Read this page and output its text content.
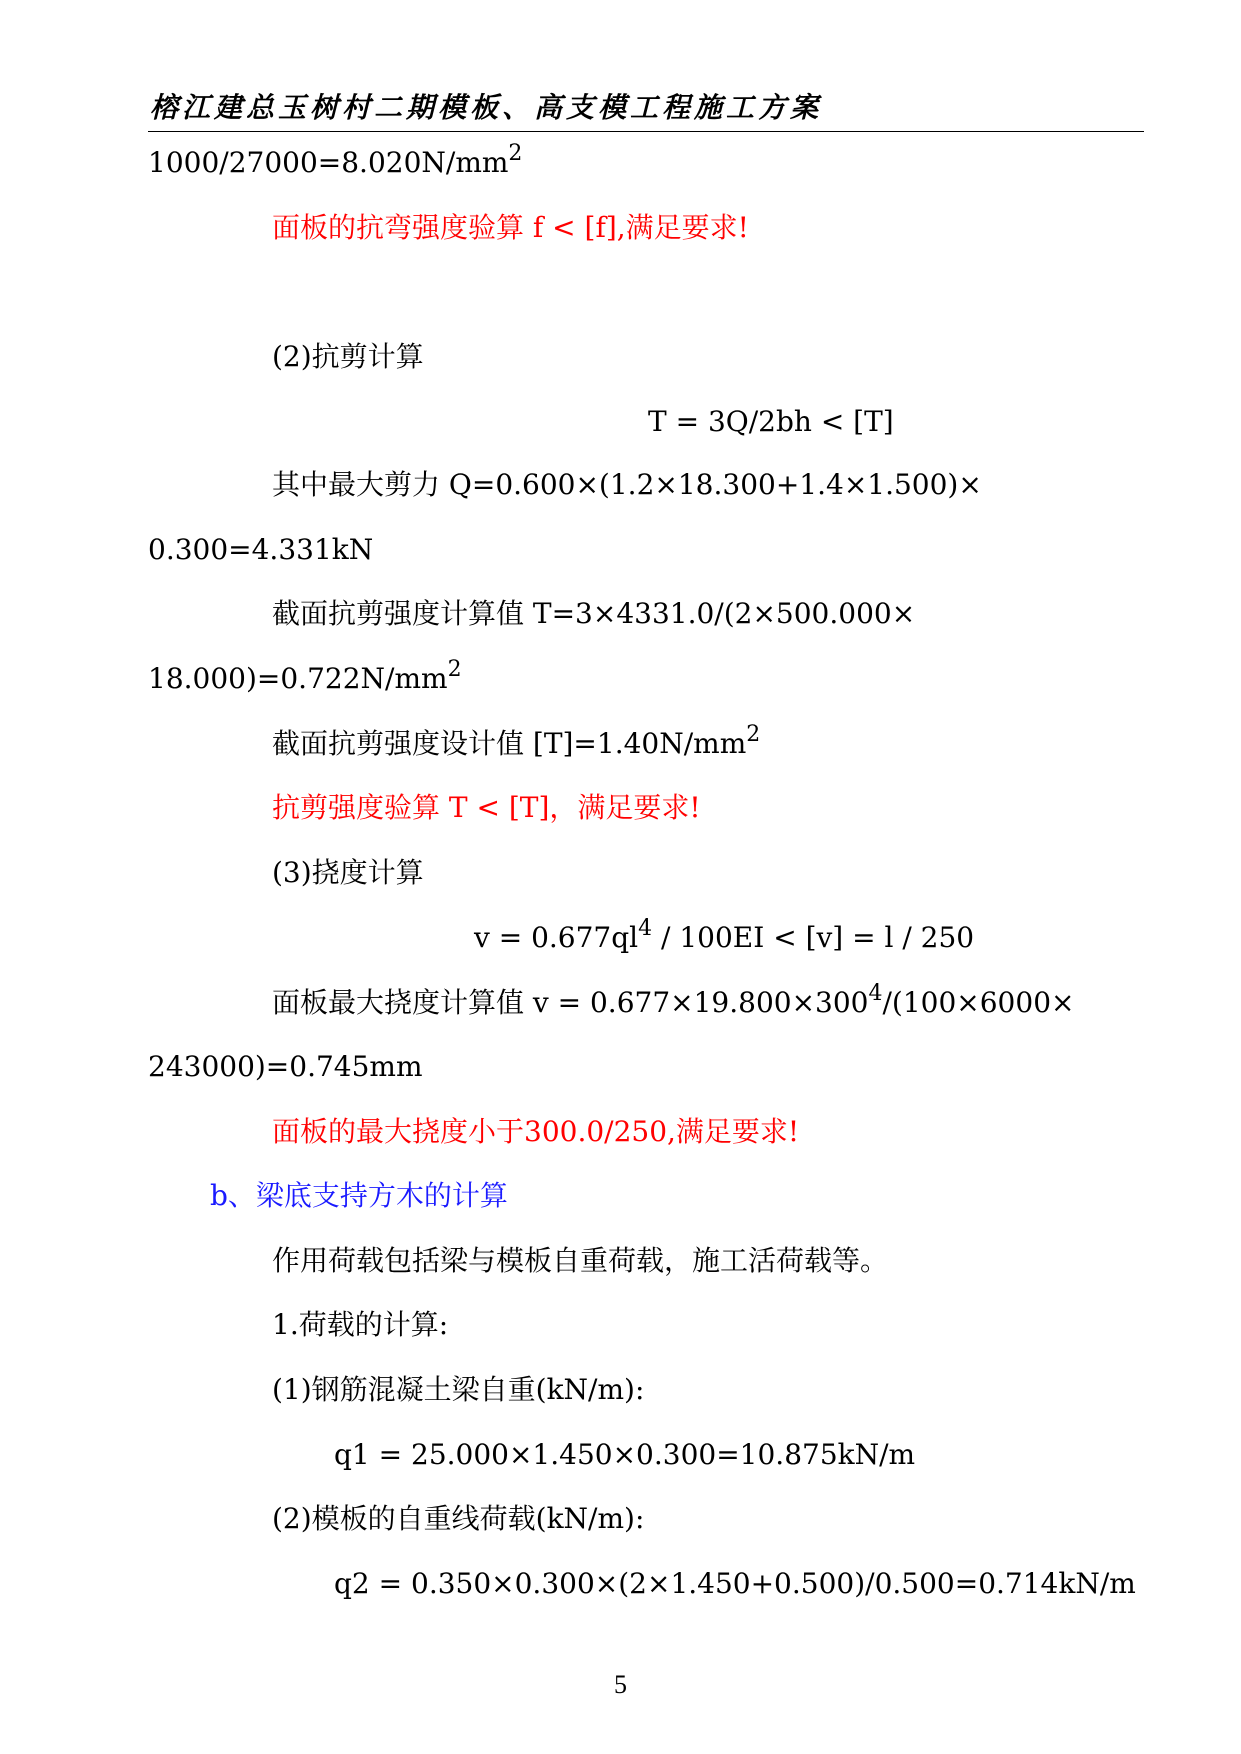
榕江建总玉树村二期模板、高支模工程施工方案
$1000/27000=8.020N/mm^2$
面板的抗弯强度验算 f < [f],满足要求!
(2)抗剪计算
T = 3Q/2bh < [T]
其中最大剪力 Q=0.600×(1.2×18.300+1.4×1.500)×
0.300=4.331kN
截面抗剪强度计算值 T=3×4331.0/(2×500.000×
$18.000)=0.722N/mm^2$
截面抗剪强度设计值 $[T]=1.40N/mm^2$
抗剪强度验算 T < [T]，满足要求!
(3)挠度计算
$v = 0.677ql^4 / 100EI < [v] = l / 250$
面板最大挠度计算值 $v = 0.677\times 19.800\times 300^4/(100\times 6000\times$
243000)=0.745mm
面板的最大挠度小于300.0/250,满足要求!
b、梁底支持方木的计算
作用荷载包括梁与模板自重荷载，施工活荷载等。
1.荷载的计算:
(1)钢筋混凝土梁自重(kN/m):
q1 = 25.000×1.450×0.300=10.875kN/m
(2)模板的自重线荷载(kN/m):
q2 = 0.350×0.300×(2×1.450+0.500)/0.500=0.714kN/m
5
